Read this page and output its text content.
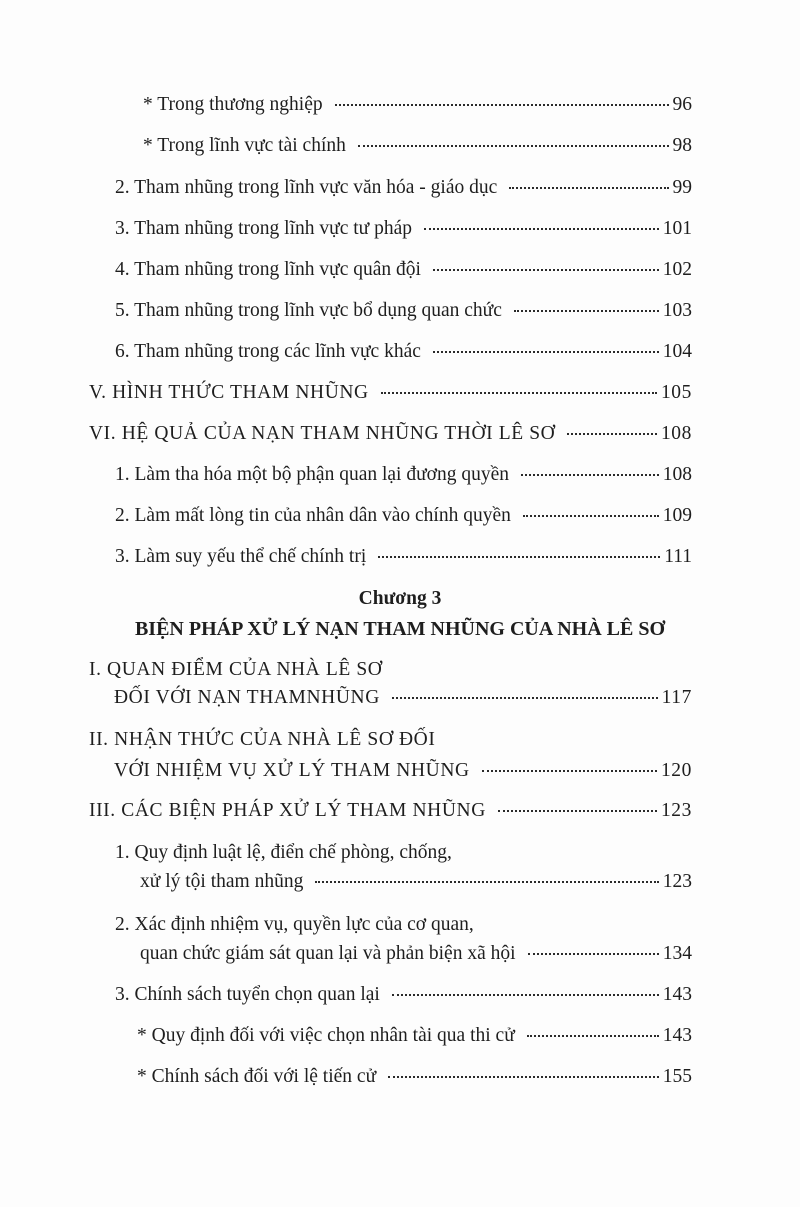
* Trong thương nghiệp	96
* Trong lĩnh vực tài chính	98
2. Tham nhũng trong lĩnh vực văn hóa - giáo dục	99
3. Tham nhũng trong lĩnh vực tư pháp	101
4. Tham nhũng trong lĩnh vực quân đội	102
5. Tham nhũng trong lĩnh vực bổ dụng quan chức	103
6. Tham nhũng trong các lĩnh vực khác	104
V. HÌNH THỨC THAM NHŨNG	105
VI. HỆ QUẢ CỦA NẠN THAM NHŨNG THỜI LÊ SƠ	108
1. Làm tha hóa một bộ phận quan lại đương quyền	108
2. Làm mất lòng tin của nhân dân vào chính quyền	109
3. Làm suy yếu thể chế chính trị	111
Chương 3
BIỆN PHÁP XỬ LÝ NẠN THAM NHŨNG CỦA NHÀ LÊ SƠ
I. QUAN ĐIỂM CỦA NHÀ LÊ SƠ
ĐỐI VỚI NẠN THAMNHŨNG	117
II. NHẬN THỨC CỦA NHÀ LÊ SƠ ĐỐI
VỚI NHIỆM VỤ XỬ LÝ THAM NHŨNG	120
III. CÁC BIỆN PHÁP XỬ LÝ THAM NHŨNG	123
1. Quy định luật lệ, điển chế phòng, chống,
xử lý tội tham nhũng	123
2. Xác định nhiệm vụ, quyền lực của cơ quan,
quan chức giám sát quan lại và phản biện xã hội	134
3. Chính sách tuyển chọn quan lại	143
* Quy định đối với việc chọn nhân tài qua thi cử	143
* Chính sách đối với lệ tiến cử	155
